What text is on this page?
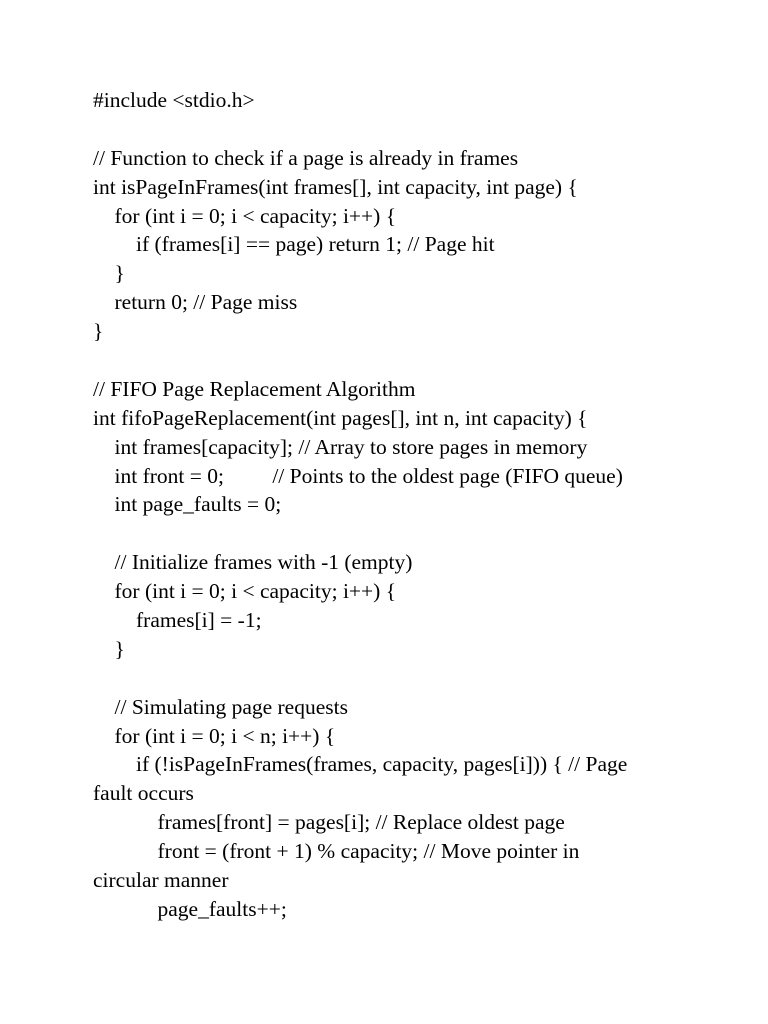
#include <stdio.h>
// Function to check if a page is already in frames
int isPageInFrames(int frames[], int capacity, int page) {
for (int i = 0; i < capacity; i++) {
if (frames[i] == page) return 1; // Page hit
}
return 0; // Page miss
}
// FIFO Page Replacement Algorithm
int fifoPageReplacement(int pages[], int n, int capacity) {
int frames[capacity]; // Array to store pages in memory
int front = 0;         // Points to the oldest page (FIFO queue)
int page_faults = 0;
// Initialize frames with -1 (empty)
for (int i = 0; i < capacity; i++) {
frames[i] = -1;
}
// Simulating page requests
for (int i = 0; i < n; i++) {
if (!isPageInFrames(frames, capacity, pages[i])) { // Page
fault occurs
frames[front] = pages[i]; // Replace oldest page
front = (front + 1) % capacity; // Move pointer in
circular manner
page_faults++;
